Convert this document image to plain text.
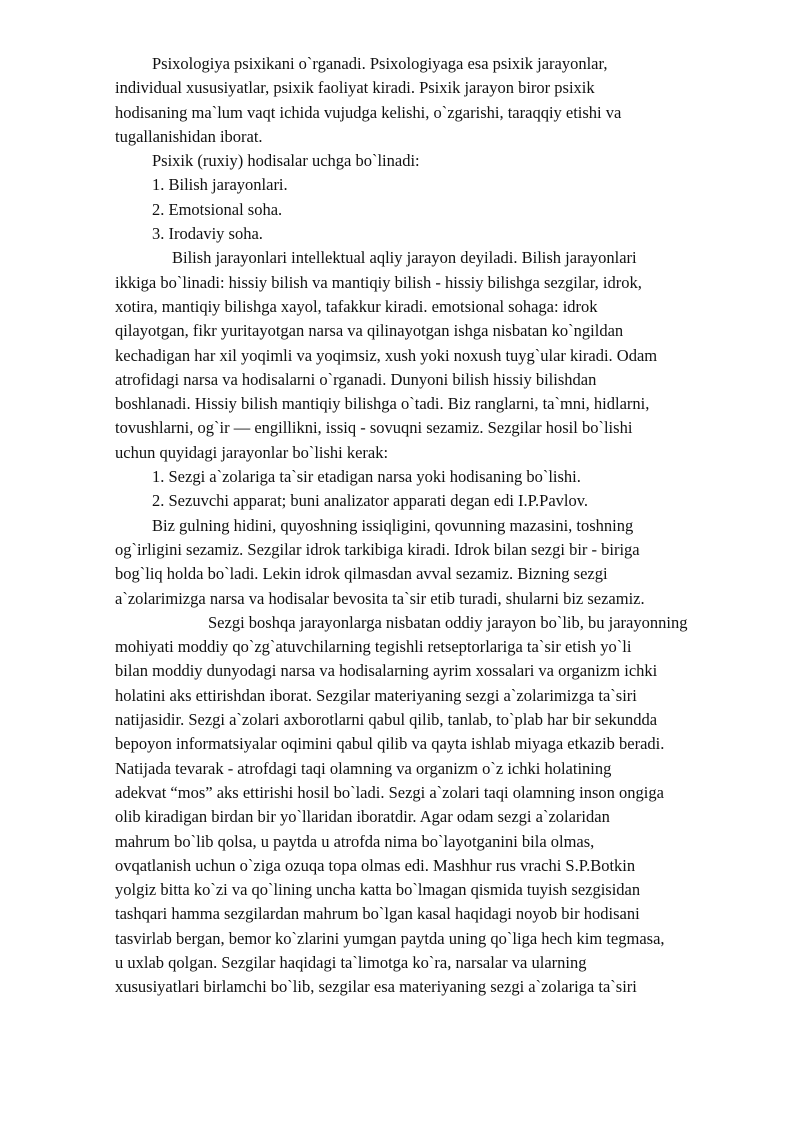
Psixologiya psixikani o`rganadi. Psixologiyaga esa psixik jarayonlar,
individual xususiyatlar, psixik faoliyat kiradi. Psixik jarayon biror psixik
hodisaning ma`lum vaqt ichida vujudga kelishi, o`zgarishi, taraqqiy etishi va
tugallanishidan iborat.
Psixik (ruxiy) hodisalar uchga bo`linadi:
1. Bilish jarayonlari.
2. Emotsional soha.
3. Irodaviy soha.
Bilish jarayonlari intellektual aqliy jarayon deyiladi. Bilish jarayonlari
ikkiga bo`linadi: hissiy bilish va mantiqiy bilish - hissiy bilishga sezgilar, idrok,
xotira, mantiqiy bilishga xayol, tafakkur kiradi. emotsional sohaga: idrok
qilayotgan, fikr yuritayotgan narsa va qilinayotgan ishga nisbatan ko`ngildan
kechadigan har xil yoqimli va yoqimsiz, xush yoki noxush tuyg`ular kiradi. Odam
atrofidagi narsa va hodisalarni o`rganadi. Dunyoni bilish hissiy bilishdan
boshlanadi. Hissiy bilish mantiqiy bilishga o`tadi. Biz ranglarni, ta`mni, hidlarni,
tovushlarni, og`ir — engillikni, issiq - sovuqni sezamiz. Sezgilar hosil bo`lishi
uchun quyidagi jarayonlar bo`lishi kerak:
1. Sezgi a`zolariga ta`sir etadigan narsa yoki hodisaning bo`lishi.
2. Sezuvchi apparat; buni analizator apparati degan edi I.P.Pavlov.
Biz gulning hidini, quyoshning issiqligini, qovunning mazasini, toshning
og`irligini sezamiz. Sezgilar idrok tarkibiga kiradi. Idrok bilan sezgi bir - biriga
bog`liq holda bo`ladi. Lekin idrok qilmasdan avval sezamiz. Bizning sezgi
a`zolarimizga narsa va hodisalar bevosita ta`sir etib turadi, shularni biz sezamiz.
Sezgi boshqa jarayonlarga nisbatan oddiy jarayon bo`lib, bu jarayonning
mohiyati moddiy qo`zg`atuvchilarning tegishli retseptorlariga ta`sir etish yo`li
bilan moddiy dunyodagi narsa va hodisalarning ayrim xossalari va organizm ichki
holatini aks ettirishdan iborat. Sezgilar materiyaning sezgi a`zolarimizga ta`siri
natijasidir. Sezgi a`zolari axborotlarni qabul qilib, tanlab, to`plab har bir sekundda
bepoyon informatsiyalar oqimini qabul qilib va qayta ishlab miyaga etkazib beradi.
Natijada tevarak - atrofdagi taqi olamning va organizm o`z ichki holatining
adekvat “mos” aks ettirishi hosil bo`ladi. Sezgi a`zolari taqi olamning inson ongiga
olib kiradigan birdan bir yo`llaridan iboratdir. Agar odam sezgi a`zolaridan
mahrum bo`lib qolsa, u paytda u atrofda nima bo`layotganini bila olmas,
ovqatlanish uchun o`ziga ozuqa topa olmas edi. Mashhur rus vrachi S.P.Botkin
yolgiz bitta ko`zi va qo`lining uncha katta bo`lmagan qismida tuyish sezgisidan
tashqari hamma sezgilardan mahrum bo`lgan kasal haqidagi noyob bir hodisani
tasvirlab bergan, bemor ko`zlarini yumgan paytda uning qo`liga hech kim tegmasa,
u uxlab qolgan. Sezgilar haqidagi ta`limotga ko`ra, narsalar va ularning
xususiyatlari birlamchi bo`lib, sezgilar esa materiyaning sezgi a`zolariga ta`siri
